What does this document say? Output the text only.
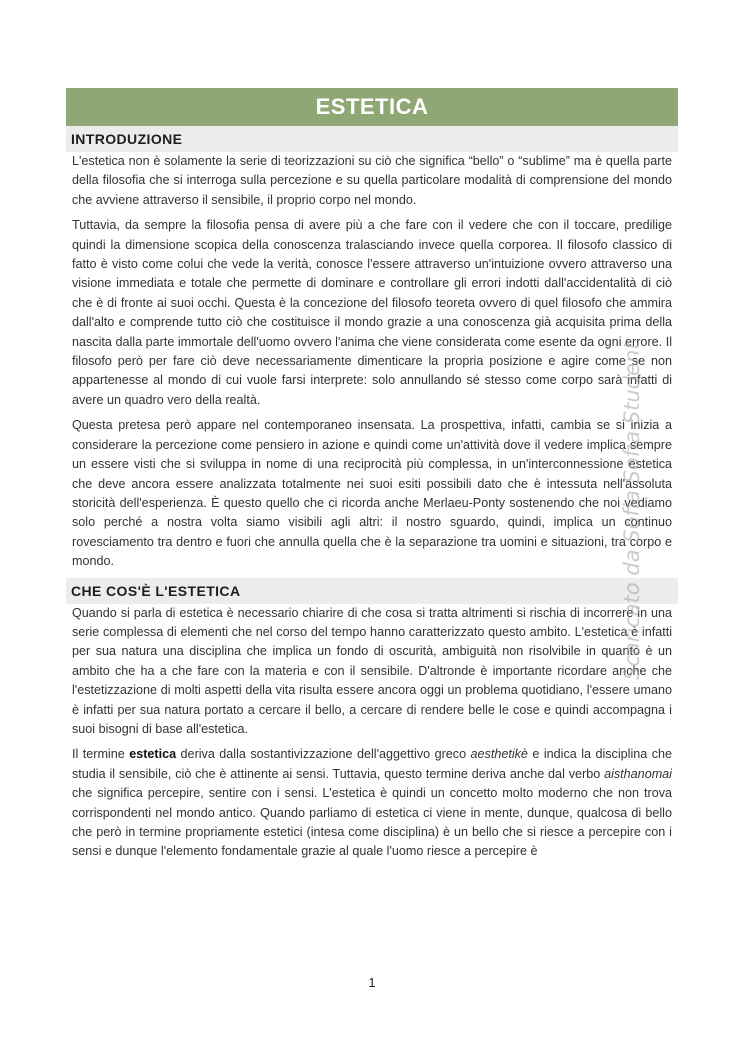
ESTETICA
INTRODUZIONE

L'estetica non è solamente la serie di teorizzazioni su ciò che significa “bello” o “sublime” ma è quella parte della filosofia che si interroga sulla percezione e su quella particolare modalità di comprensione del mondo che avviene attraverso il sensibile, il proprio corpo nel mondo.

Tuttavia, da sempre la filosofia pensa di avere più a che fare con il vedere che con il toccare, predilige quindi la dimensione scopica della conoscenza tralasciando invece quella corporea. Il filosofo classico di fatto è visto come colui che vede la verità, conosce l'essere attraverso un'intuizione ovvero attraverso una visione immediata e totale che permette di dominare e controllare gli errori indotti dall'accidentalità di ciò che è di fronte ai suoi occhi. Questa è la concezione del filosofo teoreta ovvero di quel filosofo che ammira dall'alto e comprende tutto ciò che costituisce il mondo grazie a una conoscenza già acquisita prima della nascita dalla parte immortale dell'uomo ovvero l'anima che viene considerata come esente da ogni errore. Il filosofo però per fare ciò deve necessariamente dimenticare la propria posizione e agire come se non appartenesse al mondo di cui vuole farsi interprete: solo annullando sé stesso come corpo sarà infatti di avere un quadro vero della realtà.

Questa pretesa però appare nel contemporaneo insensata. La prospettiva, infatti, cambia se si inizia a considerare la percezione come pensiero in azione e quindi come un'attività dove il vedere implica sempre un essere visti che si sviluppa in nome di una reciprocità più complessa, in un'interconnessione estetica che deve ancora essere analizzata totalmente nei suoi esiti possibili dato che è intessuta nell'assoluta storicità dell'esperienza. È questo quello che ci ricorda anche Merlaeu-Ponty sostenendo che noi vediamo solo perché a nostra volta siamo visibili agli altri: il nostro sguardo, quindi, implica un continuo rovesciamento tra dentro e fuori che annulla quella che è la separazione tra uomini e situazioni, tra corpo e mondo.

CHE COS'È L'ESTETICA

Quando si parla di estetica è necessario chiarire di che cosa si tratta altrimenti si rischia di incorrere in una serie complessa di elementi che nel corso del tempo hanno caratterizzato questo ambito. L'estetica è infatti per sua natura una disciplina che implica un fondo di oscurità, ambiguità non risolvibile in quanto è un ambito che ha a che fare con la materia e con il sensibile. D'altronde è importante ricordare anche che l'estetizzazione di molti aspetti della vita risulta essere ancora oggi un problema quotidiano, l'essere umano è infatti per sua natura portato a cercare il bello, a cercare di rendere belle le cose e quindi accompagna i suoi bisogni di base all'estetica.

Il termine estetica deriva dalla sostantivizzazione dell'aggettivo greco aesthetikè e indica la disciplina che studia il sensibile, ciò che è attinente ai sensi. Tuttavia, questo termine deriva anche dal verbo aisthanomai che significa percepire, sentire con i sensi. L'estetica è quindi un concetto molto moderno che non trova corrispondenti nel mondo antico. Quando parliamo di estetica ci viene in mente, dunque, qualcosa di bello che però in termine propriamente estetici (intesa come disciplina) è un bello che si riesce a percepire con i sensi e dunque l'elemento fondamentale grazie al quale l'uomo riesce a percepire è

Scaricato da Sofia Sofia Student
1
